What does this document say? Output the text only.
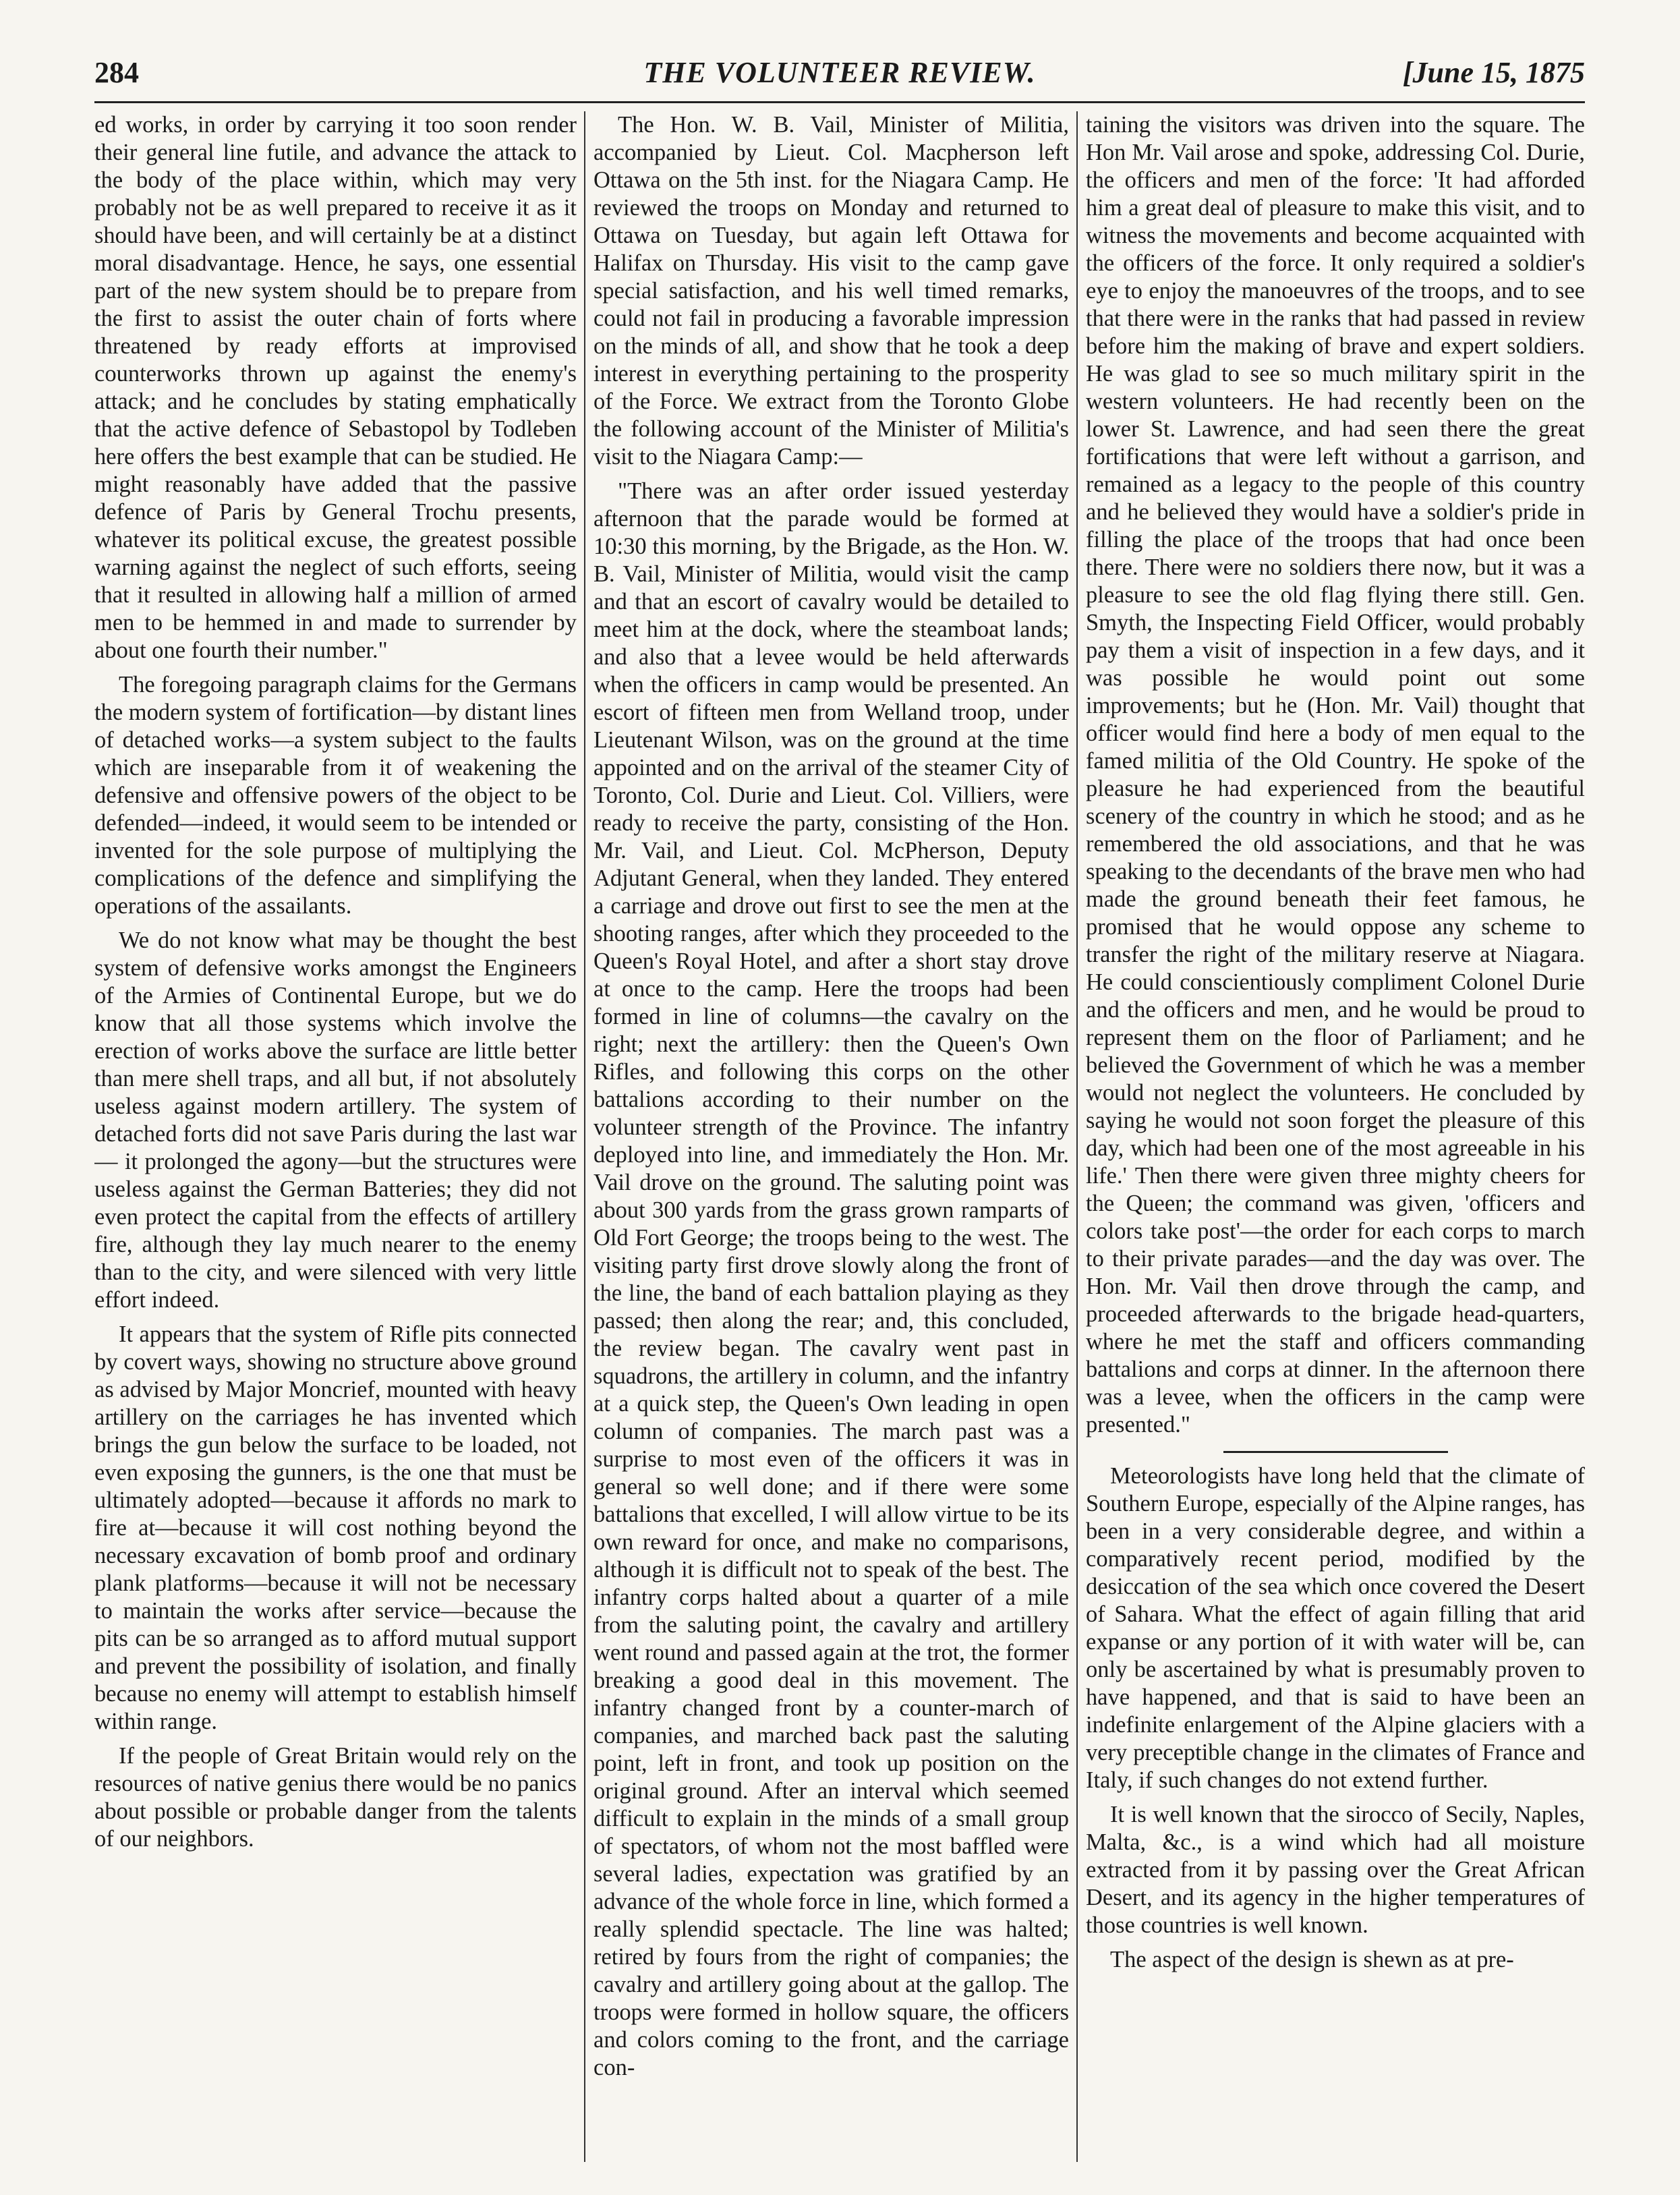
284	THE VOLUNTEER REVIEW.	[June 15, 1875

ed works, in order by carrying it too soon render their general line futile, and advance the attack to the body of the place within, which may very probably not be as well prepared to receive it as it should have been, and will certainly be at a distinct moral disadvantage. Hence, he says, one essential part of the new system should be to prepare from the first to assist the outer chain of forts where threatened by ready efforts at improvised counterworks thrown up against the enemy's attack; and he concludes by stating emphatically that the active defence of Sebastopol by Todleben here offers the best example that can be studied. He might reasonably have added that the passive defence of Paris by General Trochu presents, whatever its political excuse, the greatest possible warning against the neglect of such efforts, seeing that it resulted in allowing half a million of armed men to be hemmed in and made to surrender by about one fourth their number."

The foregoing paragraph claims for the Germans the modern system of fortification—by distant lines of detached works—a system subject to the faults which are inseparable from it of weakening the defensive and offensive powers of the object to be defended—indeed, it would seem to be intended or invented for the sole purpose of multiplying the complications of the defence and simplifying the operations of the assailants.

We do not know what may be thought the best system of defensive works amongst the Engineers of the Armies of Continental Europe, but we do know that all those systems which involve the erection of works above the surface are little better than mere shell traps, and all but, if not absolutely useless against modern artillery. The system of detached forts did not save Paris during the last war— it prolonged the agony—but the structures were useless against the German Batteries; they did not even protect the capital from the effects of artillery fire, although they lay much nearer to the enemy than to the city, and were silenced with very little effort indeed.

It appears that the system of Rifle pits connected by covert ways, showing no structure above ground as advised by Major Moncrief, mounted with heavy artillery on the carriages he has invented which brings the gun below the surface to be loaded, not even exposing the gunners, is the one that must be ultimately adopted—because it affords no mark to fire at—because it will cost nothing beyond the necessary excavation of bomb proof and ordinary plank platforms—because it will not be necessary to maintain the works after service—because the pits can be so arranged as to afford mutual support and prevent the possibility of isolation, and finally because no enemy will attempt to establish himself within range.

If the people of Great Britain would rely on the resources of native genius there would be no panics about possible or probable danger from the talents of our neighbors.

The Hon. W. B. Vail, Minister of Militia, accompanied by Lieut. Col. Macpherson left Ottawa on the 5th inst. for the Niagara Camp. He reviewed the troops on Monday and returned to Ottawa on Tuesday, but again left Ottawa for Halifax on Thursday. His visit to the camp gave special satisfaction, and his well timed remarks, could not fail in producing a favorable impression on the minds of all, and show that he took a deep interest in everything pertaining to the prosperity of the Force. We extract from the Toronto Globe the following account of the Minister of Militia's visit to the Niagara Camp:—

"There was an after order issued yesterday afternoon that the parade would be formed at 10:30 this morning, by the Brigade, as the Hon. W. B. Vail, Minister of Militia, would visit the camp and that an escort of cavalry would be detailed to meet him at the dock, where the steamboat lands; and also that a levee would be held afterwards when the officers in camp would be presented. An escort of fifteen men from Welland troop, under Lieutenant Wilson, was on the ground at the time appointed and on the arrival of the steamer City of Toronto, Col. Durie and Lieut. Col. Villiers, were ready to receive the party, consisting of the Hon. Mr. Vail, and Lieut. Col. McPherson, Deputy Adjutant General, when they landed. They entered a carriage and drove out first to see the men at the shooting ranges, after which they proceeded to the Queen's Royal Hotel, and after a short stay drove at once to the camp. Here the troops had been formed in line of columns—the cavalry on the right; next the artillery: then the Queen's Own Rifles, and following this corps on the other battalions according to their number on the volunteer strength of the Province. The infantry deployed into line, and immediately the Hon. Mr. Vail drove on the ground. The saluting point was about 300 yards from the grass grown ramparts of Old Fort George; the troops being to the west. The visiting party first drove slowly along the front of the line, the band of each battalion playing as they passed; then along the rear; and, this concluded, the review began. The cavalry went past in squadrons, the artillery in column, and the infantry at a quick step, the Queen's Own leading in open column of companies. The march past was a surprise to most even of the officers it was in general so well done; and if there were some battalions that excelled, I will allow virtue to be its own reward for once, and make no comparisons, although it is difficult not to speak of the best. The infantry corps halted about a quarter of a mile from the saluting point, the cavalry and artillery went round and passed again at the trot, the former breaking a good deal in this movement. The infantry changed front by a counter-march of companies, and marched back past the saluting point, left in front, and took up position on the original ground. After an interval which seemed difficult to explain in the minds of a small group of spectators, of whom not the most baffled were several ladies, expectation was gratified by an advance of the whole force in line, which formed a really splendid spectacle. The line was halted; retired by fours from the right of companies; the cavalry and artillery going about at the gallop. The troops were formed in hollow square, the officers and colors coming to the front, and the carriage con-

taining the visitors was driven into the square. The Hon Mr. Vail arose and spoke, addressing Col. Durie, the officers and men of the force: 'It had afforded him a great deal of pleasure to make this visit, and to witness the movements and become acquainted with the officers of the force. It only required a soldier's eye to enjoy the manoeuvres of the troops, and to see that there were in the ranks that had passed in review before him the making of brave and expert soldiers. He was glad to see so much military spirit in the western volunteers. He had recently been on the lower St. Lawrence, and had seen there the great fortifications that were left without a garrison, and remained as a legacy to the people of this country and he believed they would have a soldier's pride in filling the place of the troops that had once been there. There were no soldiers there now, but it was a pleasure to see the old flag flying there still. Gen. Smyth, the Inspecting Field Officer, would probably pay them a visit of inspection in a few days, and it was possible he would point out some improvements; but he (Hon. Mr. Vail) thought that officer would find here a body of men equal to the famed militia of the Old Country. He spoke of the pleasure he had experienced from the beautiful scenery of the country in which he stood; and as he remembered the old associations, and that he was speaking to the decendants of the brave men who had made the ground beneath their feet famous, he promised that he would oppose any scheme to transfer the right of the military reserve at Niagara. He could conscientiously compliment Colonel Durie and the officers and men, and he would be proud to represent them on the floor of Parliament; and he believed the Government of which he was a member would not neglect the volunteers. He concluded by saying he would not soon forget the pleasure of this day, which had been one of the most agreeable in his life.' Then there were given three mighty cheers for the Queen; the command was given, 'officers and colors take post'—the order for each corps to march to their private parades—and the day was over. The Hon. Mr. Vail then drove through the camp, and proceeded afterwards to the brigade head-quarters, where he met the staff and officers commanding battalions and corps at dinner. In the afternoon there was a levee, when the officers in the camp were presented."

Meteorologists have long held that the climate of Southern Europe, especially of the Alpine ranges, has been in a very considerable degree, and within a comparatively recent period, modified by the desiccation of the sea which once covered the Desert of Sahara. What the effect of again filling that arid expanse or any portion of it with water will be, can only be ascertained by what is presumably proven to have happened, and that is said to have been an indefinite enlargement of the Alpine glaciers with a very preceptible change in the climates of France and Italy, if such changes do not extend further.

It is well known that the sirocco of Secily, Naples, Malta, &c., is a wind which had all moisture extracted from it by passing over the Great African Desert, and its agency in the higher temperatures of those countries is well known.

The aspect of the design is shewn as at pre-
